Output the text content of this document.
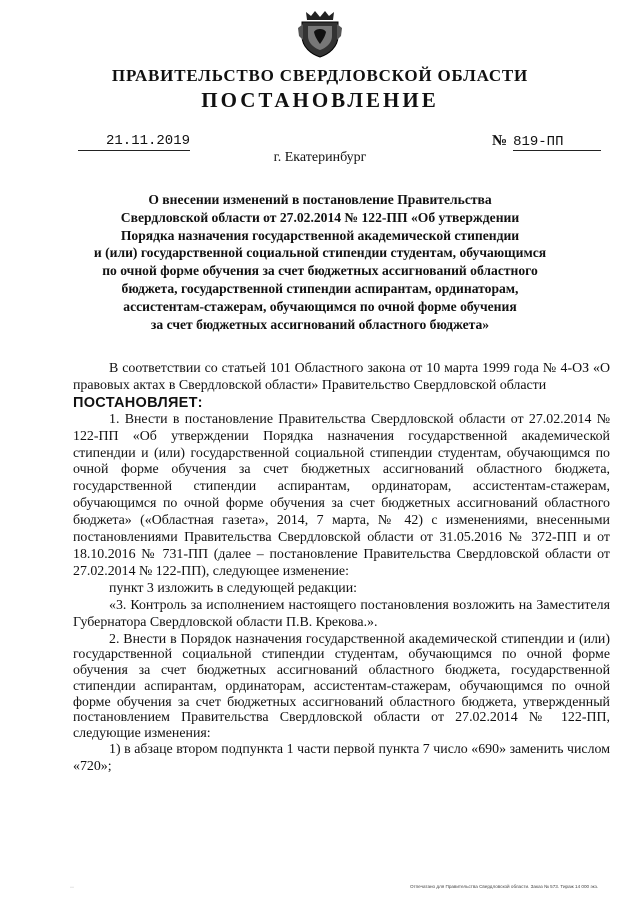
ПРАВИТЕЛЬСТВО СВЕРДЛОВСКОЙ ОБЛАСТИ
ПОСТАНОВЛЕНИЕ
21.11.2019	№ 819-ПП
г. Екатеринбург
О внесении изменений в постановление Правительства
Свердловской области от 27.02.2014 № 122-ПП «Об утверждении
Порядка назначения государственной академической стипендии
и (или) государственной социальной стипендии студентам, обучающимся
по очной форме обучения за счет бюджетных ассигнований областного
бюджета, государственной стипендии аспирантам, ординаторам,
ассистентам-стажерам, обучающимся по очной форме обучения
за счет бюджетных ассигнований областного бюджета»

В соответствии со статьей 101 Областного закона от 10 марта 1999 года № 4-ОЗ «О правовых актах в Свердловской области» Правительство Свердловской области

ПОСТАНОВЛЯЕТ:

1. Внести в постановление Правительства Свердловской области от 27.02.2014 № 122-ПП «Об утверждении Порядка назначения государственной академической стипендии и (или) государственной социальной стипендии студентам, обучающимся по очной форме обучения за счет бюджетных ассигнований областного бюджета, государственной стипендии аспирантам, ординаторам, ассистентам-стажерам, обучающимся по очной форме обучения за счет бюджетных ассигнований областного бюджета» («Областная газета», 2014, 7 марта, № 42) с изменениями, внесенными постановлениями Правительства Свердловской области от 31.05.2016 № 372-ПП и от 18.10.2016 № 731-ПП (далее – постановление Правительства Свердловской области от 27.02.2014 № 122-ПП), следующее изменение:

пункт 3 изложить в следующей редакции:

«3. Контроль за исполнением настоящего постановления возложить на Заместителя Губернатора Свердловской области П.В. Крекова.».

2. Внести в Порядок назначения государственной академической стипендии и (или) государственной социальной стипендии студентам, обучающимся по очной форме обучения за счет бюджетных ассигнований областного бюджета, государственной стипендии аспирантам, ординаторам, ассистентам-стажерам, обучающимся по очной форме обучения за счет бюджетных ассигнований областного бюджета, утвержденный постановлением Правительства Свердловской области от 27.02.2014 № 122-ПП, следующие изменения:

1) в абзаце втором подпункта 1 части первой пункта 7 число «690» заменить числом «720»;

··	Отпечатано для Правительства Свердловской области. Заказ № 573. Тираж 14 000 экз.
